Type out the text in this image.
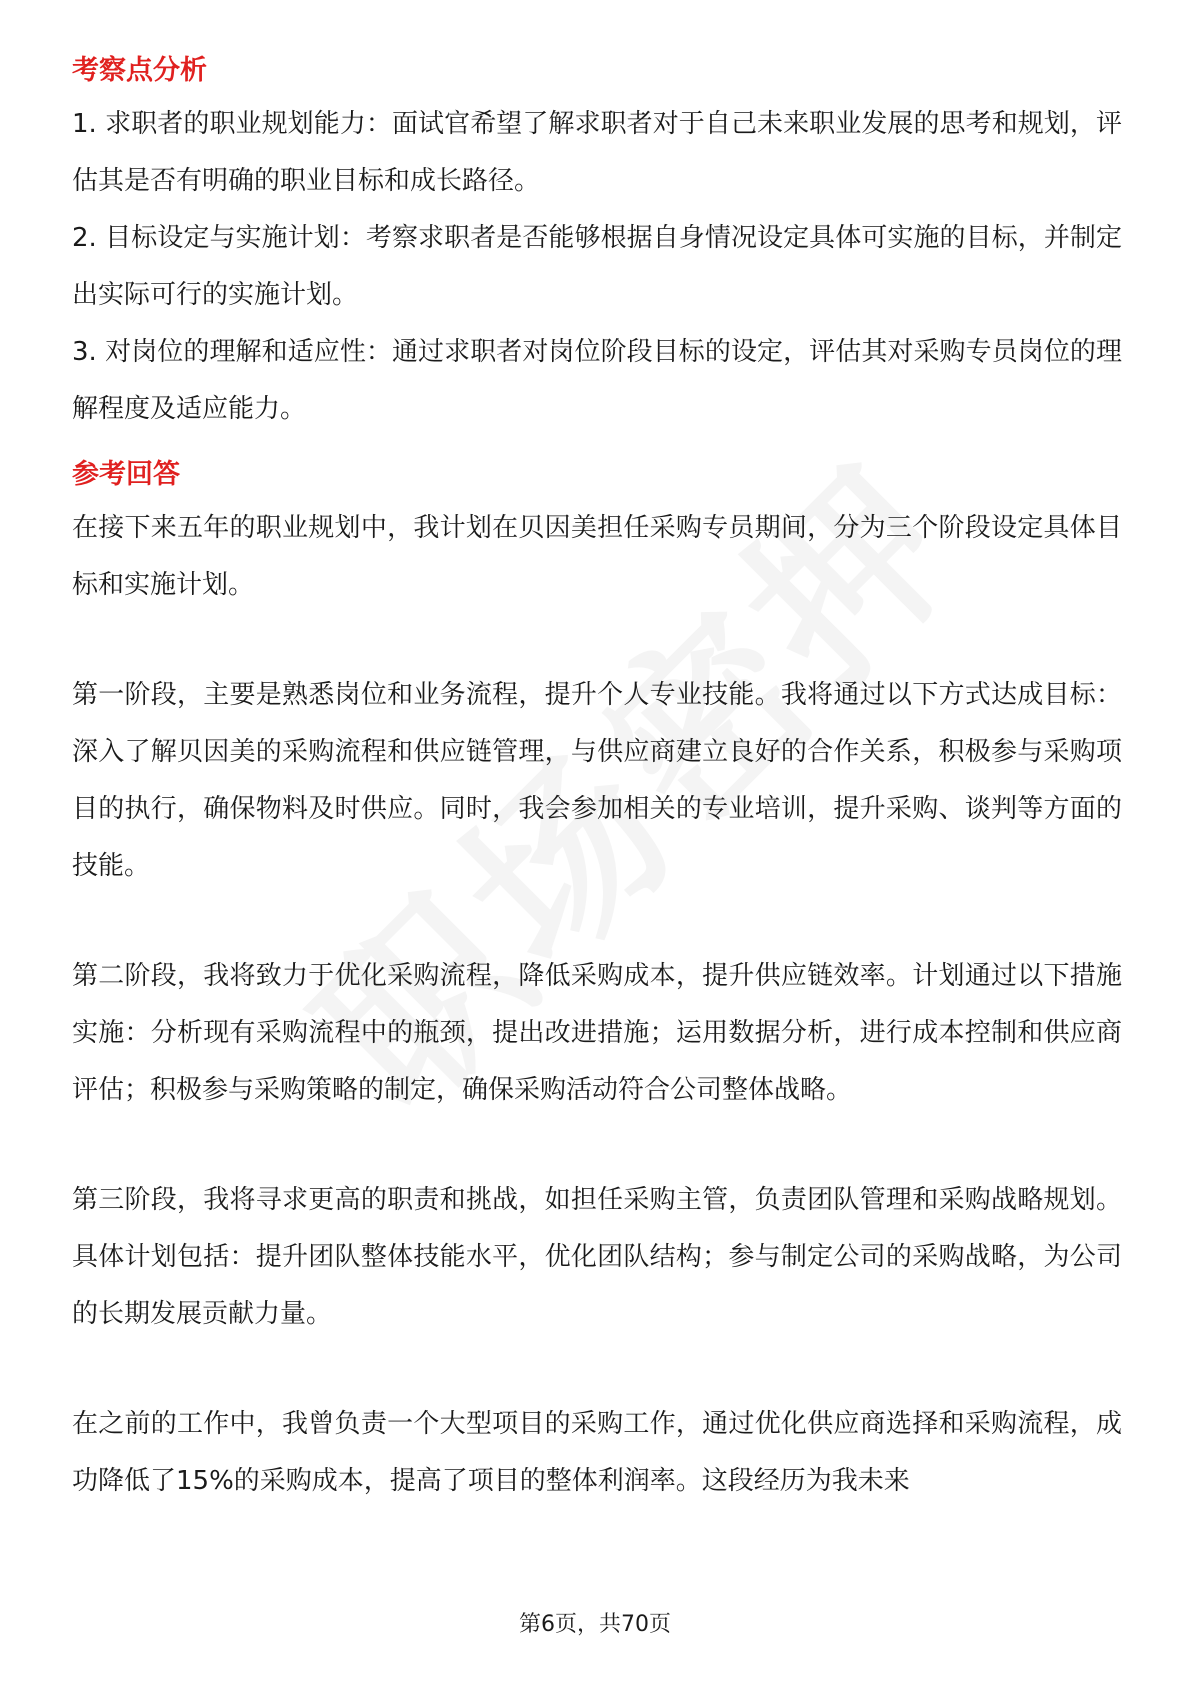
考察点分析

1. 求职者的职业规划能力：面试官希望了解求职者对于自己未来职业发展的思考和规划，评估其是否有明确的职业目标和成长路径。

2. 目标设定与实施计划：考察求职者是否能够根据自身情况设定具体可实施的目标，并制定出实际可行的实施计划。

3. 对岗位的理解和适应性：通过求职者对岗位阶段目标的设定，评估其对采购专员岗位的理解程度及适应能力。

参考回答

在接下来五年的职业规划中，我计划在贝因美担任采购专员期间，分为三个阶段设定具体目标和实施计划。

第一阶段，主要是熟悉岗位和业务流程，提升个人专业技能。我将通过以下方式达成目标：深入了解贝因美的采购流程和供应链管理，与供应商建立良好的合作关系，积极参与采购项目的执行，确保物料及时供应。同时，我会参加相关的专业培训，提升采购、谈判等方面的技能。

第二阶段，我将致力于优化采购流程，降低采购成本，提升供应链效率。计划通过以下措施实施：分析现有采购流程中的瓶颈，提出改进措施；运用数据分析，进行成本控制和供应商评估；积极参与采购策略的制定，确保采购活动符合公司整体战略。

第三阶段，我将寻求更高的职责和挑战，如担任采购主管，负责团队管理和采购战略规划。具体计划包括：提升团队整体技能水平，优化团队结构；参与制定公司的采购战略，为公司的长期发展贡献力量。

在之前的工作中，我曾负责一个大型项目的采购工作，通过优化供应商选择和采购流程，成功降低了15%的采购成本，提高了项目的整体利润率。这段经历为我未来

第6页，共70页
